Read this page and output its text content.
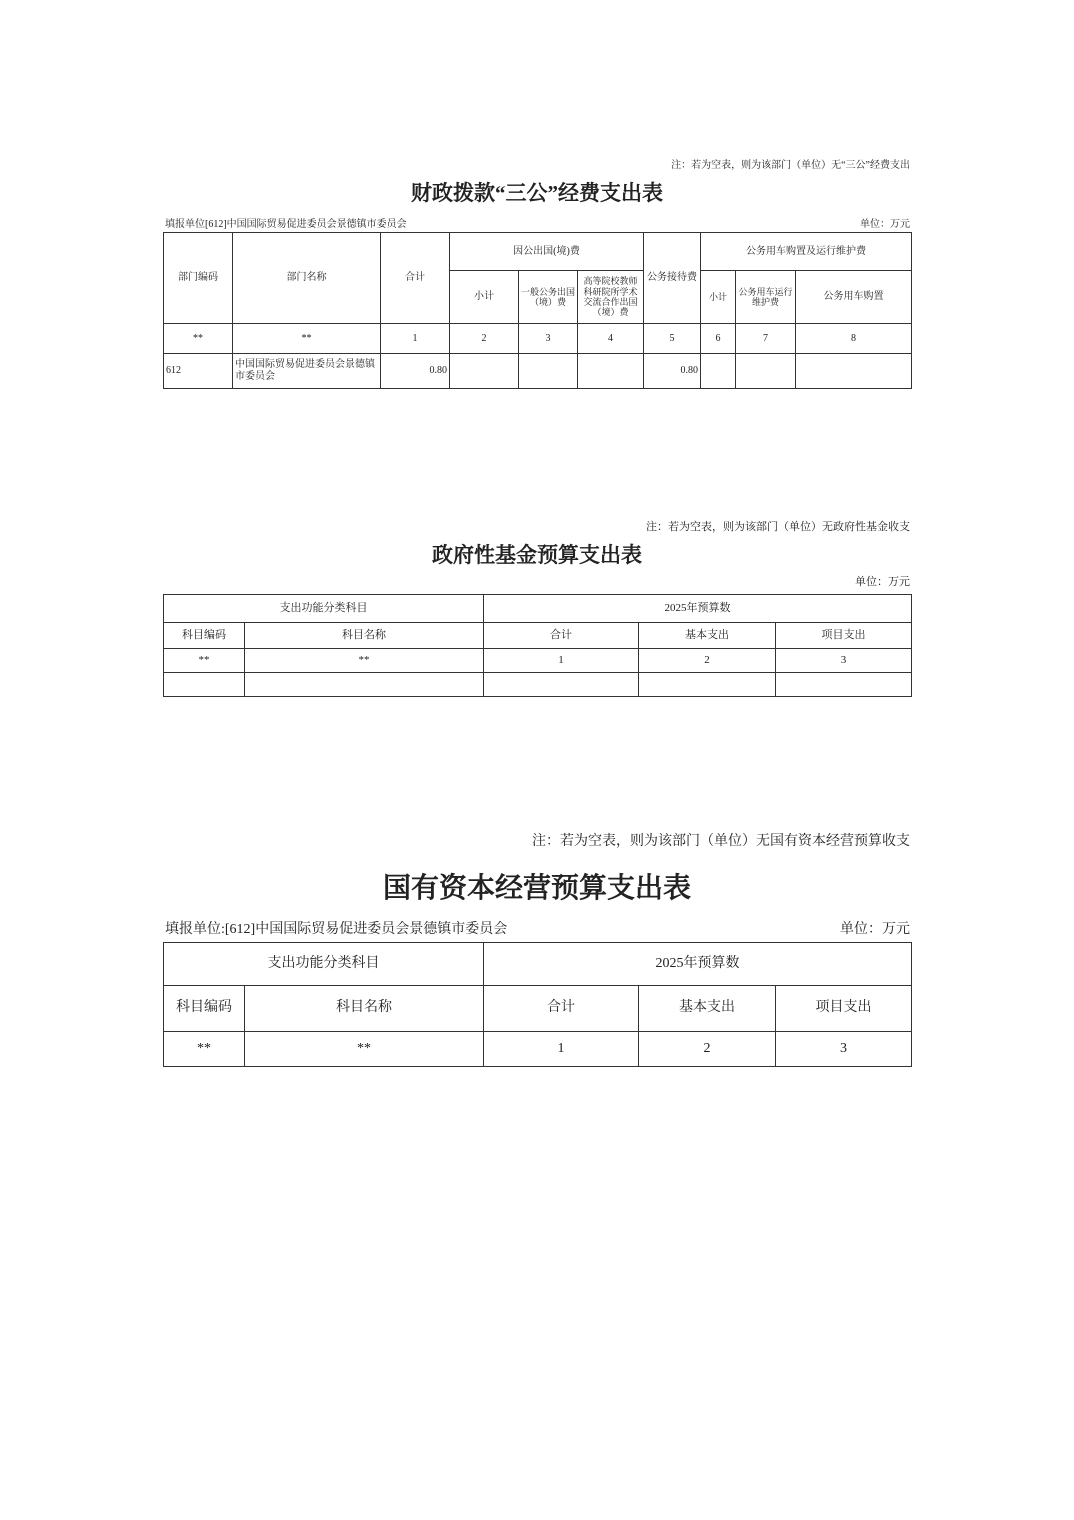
注：若为空表，则为该部门（单位）无“三公”经费支出
财政拨款“三公”经费支出表
填报单位[612]中国国际贸易促进委员会景德镇市委员会	单位：万元
部门编码	部门名称	合计	因公出国(境)费			公务接待费	公务用车购置及运行维护费		
			小计	一般公务出国（境）费	高等院校教师科研院所学术交流合作出国（境）费		小计	公务用车运行维护费	公务用车购置
**	**	1	2	3	4	5	6	7	8
612	中国国际贸易促进委员会景德镇市委员会	0.80				0.80			
注：若为空表，则为该部门（单位）无政府性基金收支
政府性基金预算支出表
单位：万元
支出功能分类科目		2025年预算数		
科目编码	科目名称	合计	基本支出	项目支出
**	**	1	2	3

注：若为空表，则为该部门（单位）无国有资本经营预算收支
国有资本经营预算支出表
填报单位:[612]中国国际贸易促进委员会景德镇市委员会	单位：万元
支出功能分类科目		2025年预算数		
科目编码	科目名称	合计	基本支出	项目支出
**	**	1	2	3
